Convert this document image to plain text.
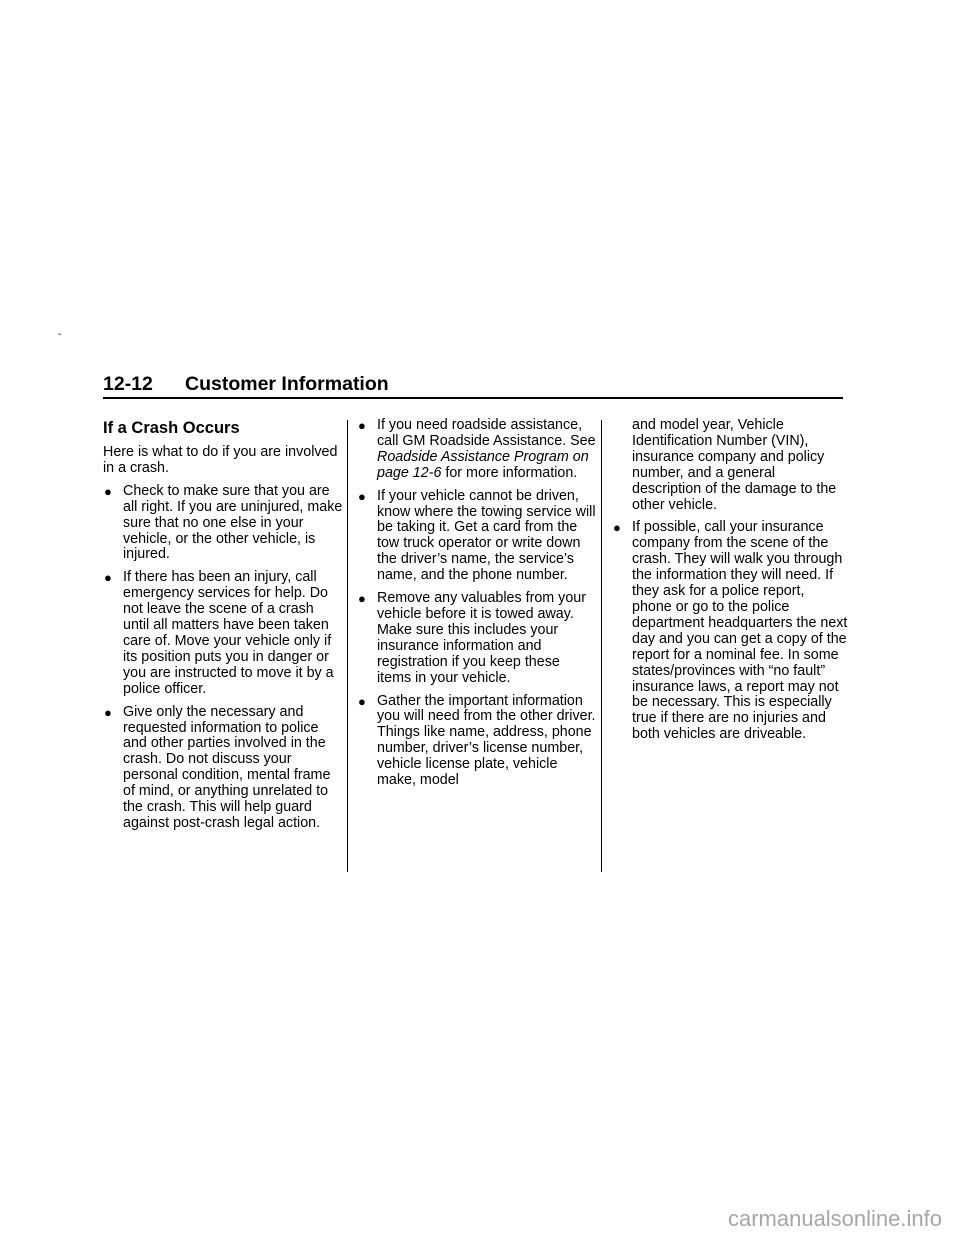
-
12-12 Customer Information
If a Crash Occurs

Here is what to do if you are involved in a crash.

● Check to make sure that you are all right. If you are uninjured, make sure that no one else in your vehicle, or the other vehicle, is injured.
● If there has been an injury, call emergency services for help. Do not leave the scene of a crash until all matters have been taken care of. Move your vehicle only if its position puts you in danger or you are instructed to move it by a police officer.
● Give only the necessary and requested information to police and other parties involved in the crash. Do not discuss your personal condition, mental frame of mind, or anything unrelated to the crash. This will help guard against post-crash legal action.
● If you need roadside assistance, call GM Roadside Assistance. See Roadside Assistance Program on page 12-6 for more information.
● If your vehicle cannot be driven, know where the towing service will be taking it. Get a card from the tow truck operator or write down the driver’s name, the service’s name, and the phone number.
● Remove any valuables from your vehicle before it is towed away. Make sure this includes your insurance information and registration if you keep these items in your vehicle.
● Gather the important information you will need from the other driver. Things like name, address, phone number, driver’s license number, vehicle license plate, vehicle make, model
and model year, Vehicle Identification Number (VIN), insurance company and policy number, and a general description of the damage to the other vehicle.
● If possible, call your insurance company from the scene of the crash. They will walk you through the information they will need. If they ask for a police report, phone or go to the police department headquarters the next day and you can get a copy of the report for a nominal fee. In some states/provinces with “no fault” insurance laws, a report may not be necessary. This is especially true if there are no injuries and both vehicles are driveable.
carmanualsonline.info
